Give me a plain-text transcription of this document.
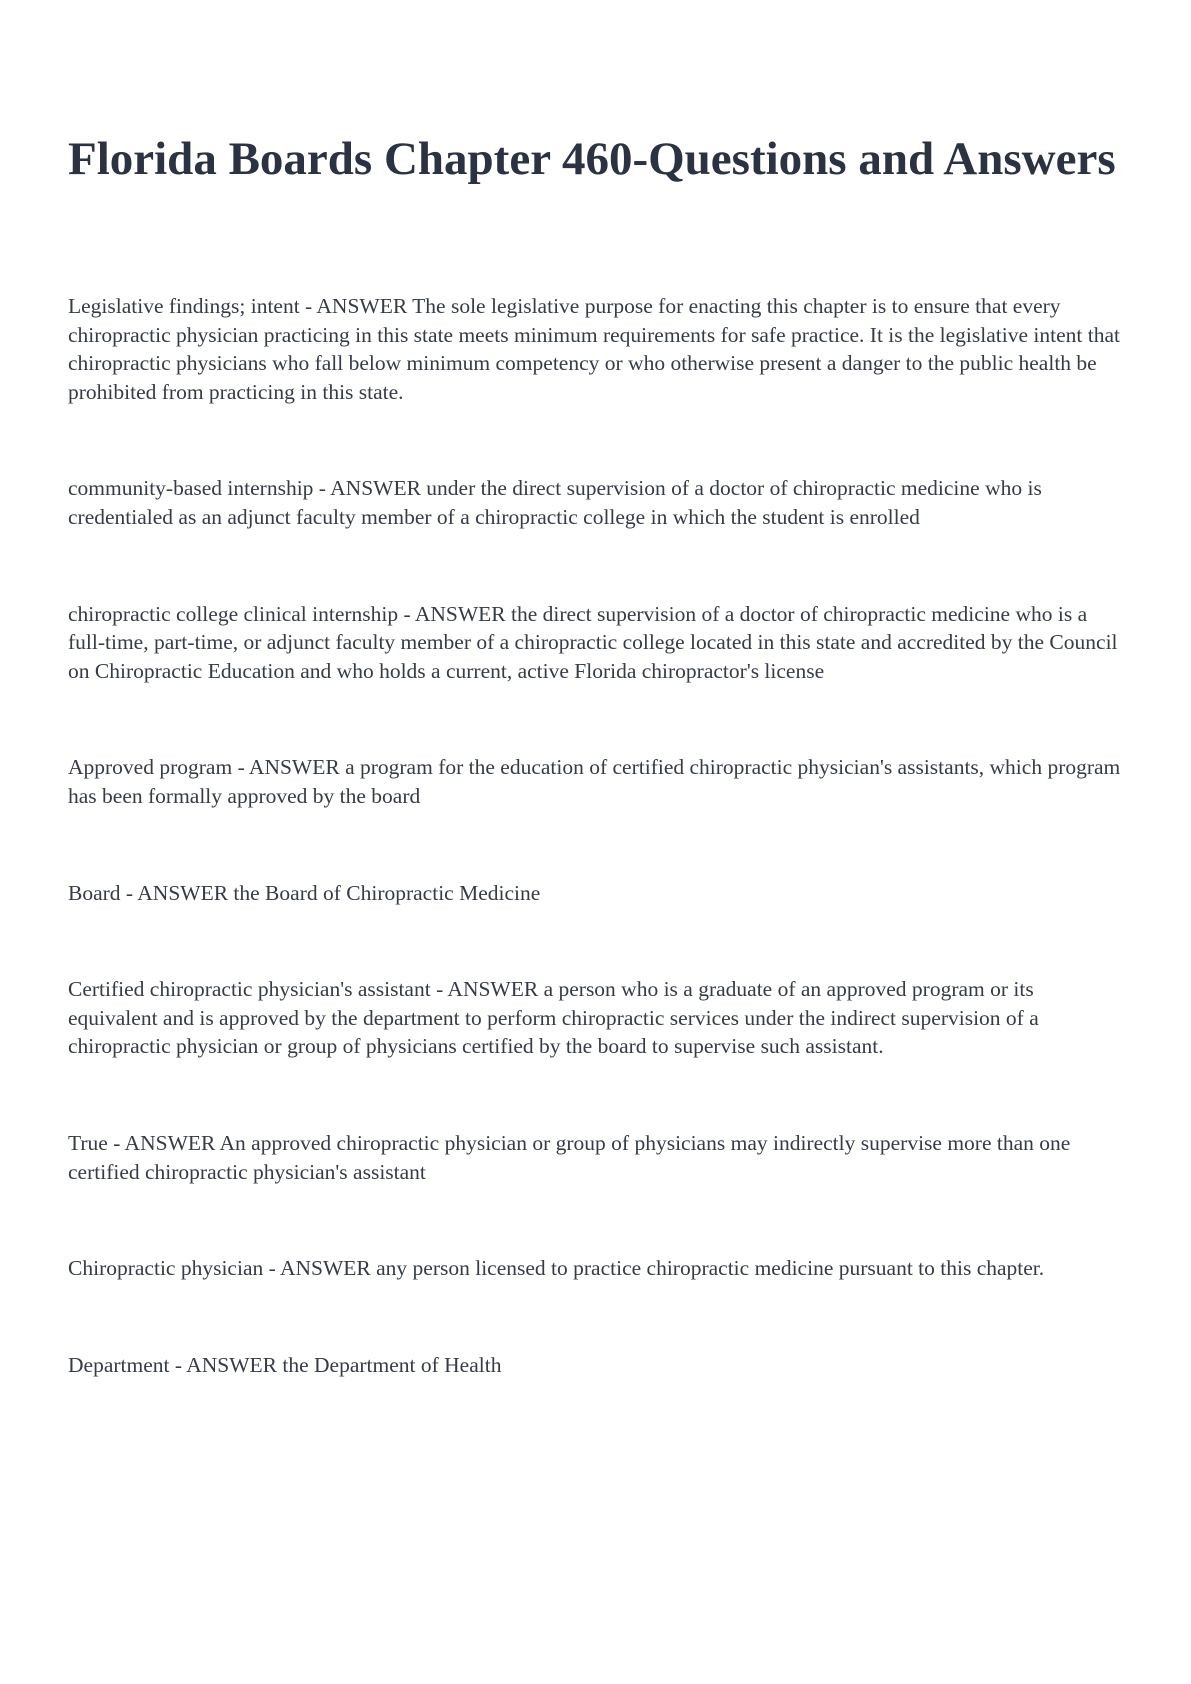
Florida Boards Chapter 460-Questions and Answers

Legislative findings; intent - ANSWER The sole legislative purpose for enacting this chapter is to ensure that every chiropractic physician practicing in this state meets minimum requirements for safe practice. It is the legislative intent that chiropractic physicians who fall below minimum competency or who otherwise present a danger to the public health be prohibited from practicing in this state.

community-based internship - ANSWER under the direct supervision of a doctor of chiropractic medicine who is credentialed as an adjunct faculty member of a chiropractic college in which the student is enrolled

chiropractic college clinical internship - ANSWER the direct supervision of a doctor of chiropractic medicine who is a full-time, part-time, or adjunct faculty member of a chiropractic college located in this state and accredited by the Council on Chiropractic Education and who holds a current, active Florida chiropractor's license

Approved program - ANSWER a program for the education of certified chiropractic physician's assistants, which program has been formally approved by the board

Board - ANSWER the Board of Chiropractic Medicine

Certified chiropractic physician's assistant - ANSWER a person who is a graduate of an approved program or its equivalent and is approved by the department to perform chiropractic services under the indirect supervision of a chiropractic physician or group of physicians certified by the board to supervise such assistant.

True - ANSWER An approved chiropractic physician or group of physicians may indirectly supervise more than one certified chiropractic physician's assistant

Chiropractic physician - ANSWER any person licensed to practice chiropractic medicine pursuant to this chapter.

Department - ANSWER the Department of Health
